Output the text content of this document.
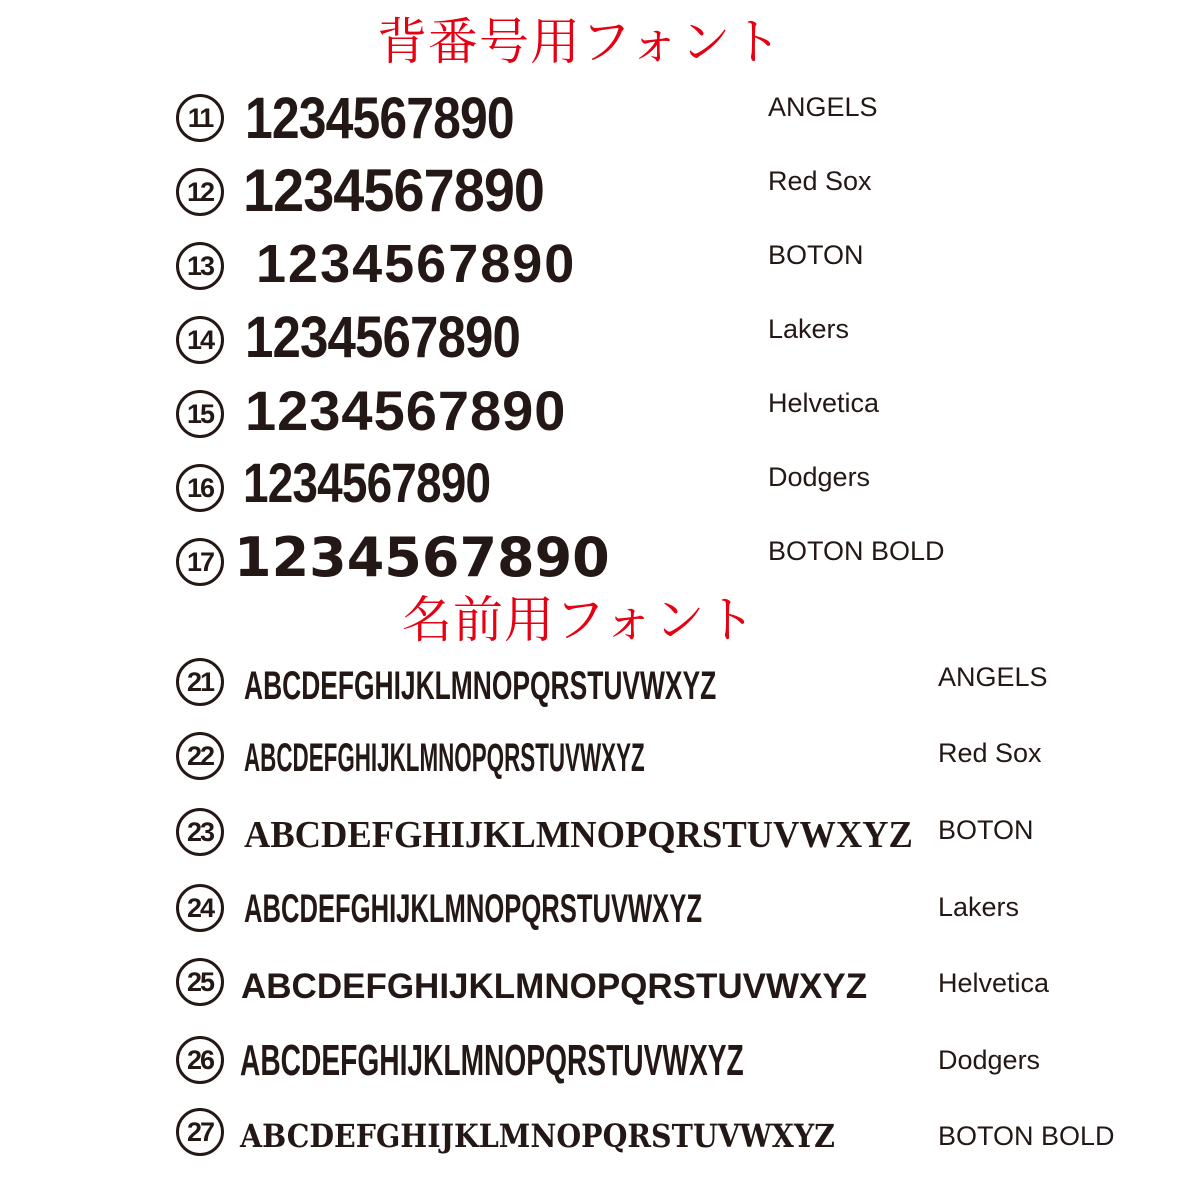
背番号用フォント
11 1234567890	ANGELS
12 1234567890	Red Sox
13 1234567890	BOTON
14 1234567890	Lakers
15 1234567890	Helvetica
16 1234567890	Dodgers
17 1234567890	BOTON BOLD
名前用フォント
21 ABCDEFGHIJKLMNOPQRSTUVWXYZ	ANGELS
22 ABCDEFGHIJKLMNOPQRSTUVWXYZ	Red Sox
23 ABCDEFGHIJKLMNOPQRSTUVWXYZ BOTON
24 ABCDEFGHIJKLMNOPQRSTUVWXYZ	Lakers
25 ABCDEFGHIJKLMNOPQRSTUVWXYZ	Helvetica
26 ABCDEFGHIJKLMNOPQRSTUVWXYZ	Dodgers
27 ABCDEFGHIJKLMNOPQRSTUVWXYZ	BOTON BOLD
